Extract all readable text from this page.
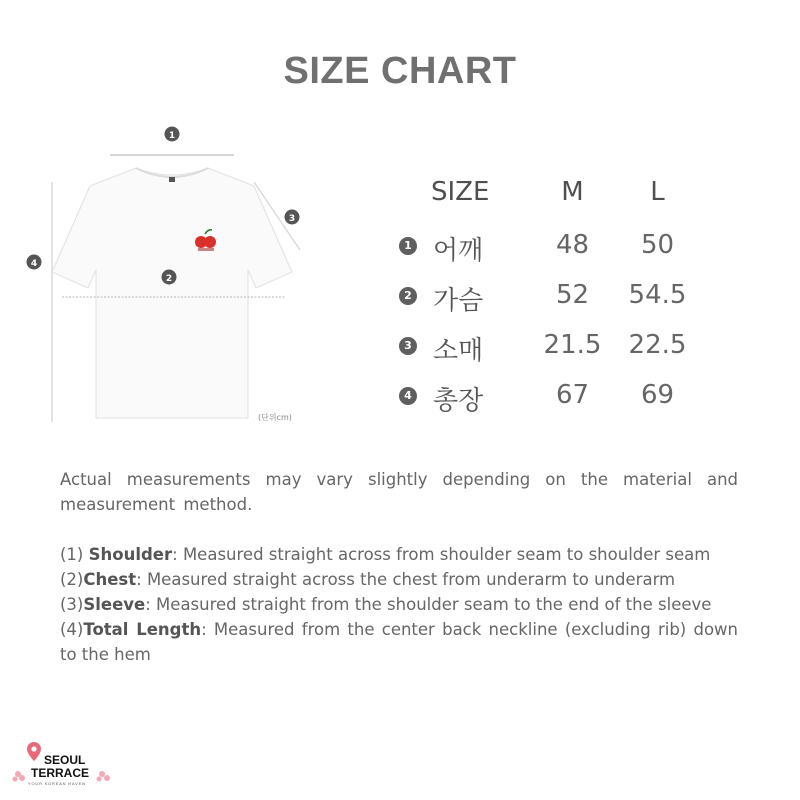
SIZE CHART
1
4
3
2
(단위cm)
SIZE	M	L
1 어깨	48	50
2 가슴	52	54.5
3 소매	21.5	22.5
4 총장	67	69

Actual measurements may vary slightly depending on the material and measurement method.

(1) Shoulder: Measured straight across from shoulder seam to shoulder seam

(2)Chest: Measured straight across the chest from underarm to underarm

(3)Sleeve: Measured straight from the shoulder seam to the end of the sleeve

(4)Total Length: Measured from the center back neckline (excluding rib) down to the hem

SEOUL
TERRACE
YOUR KOREAN HAVEN
